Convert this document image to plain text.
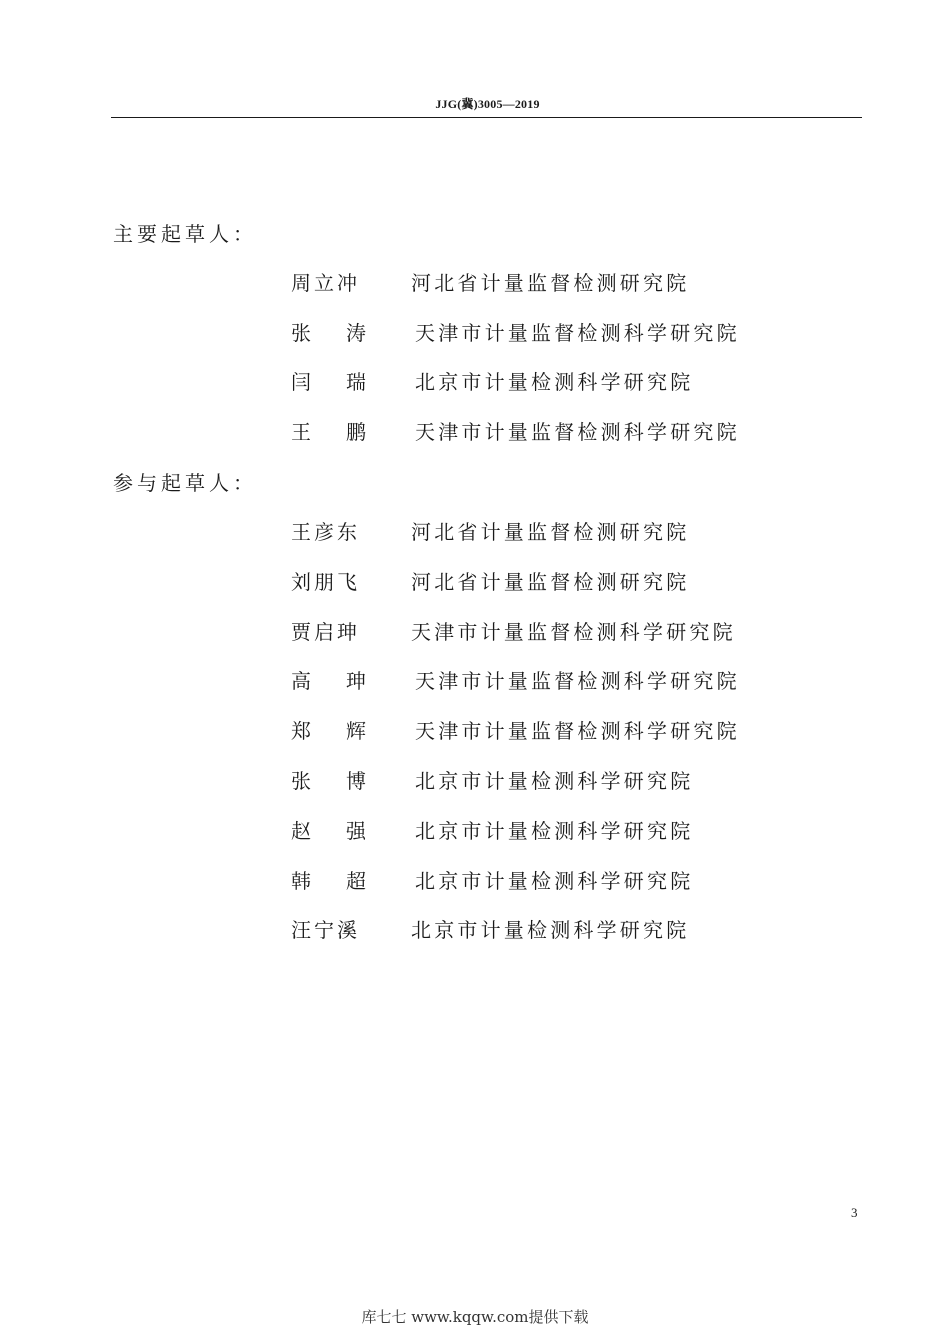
JJG(冀)3005—2019
主要起草人：
周立冲	河北省计量监督检测研究院
张 涛 天津市计量监督检测科学研究院
闫 瑞 北京市计量检测科学研究院
王 鹏 天津市计量监督检测科学研究院
参与起草人：
王彦东	河北省计量监督检测研究院
刘朋飞	河北省计量监督检测研究院
贾启珅	天津市计量监督检测科学研究院
高 珅 天津市计量监督检测科学研究院
郑 辉 天津市计量监督检测科学研究院
张 博 北京市计量检测科学研究院
赵 强 北京市计量检测科学研究院
韩 超 北京市计量检测科学研究院
汪宁溪	北京市计量检测科学研究院
3
库七七 www.kqqw.com提供下载
